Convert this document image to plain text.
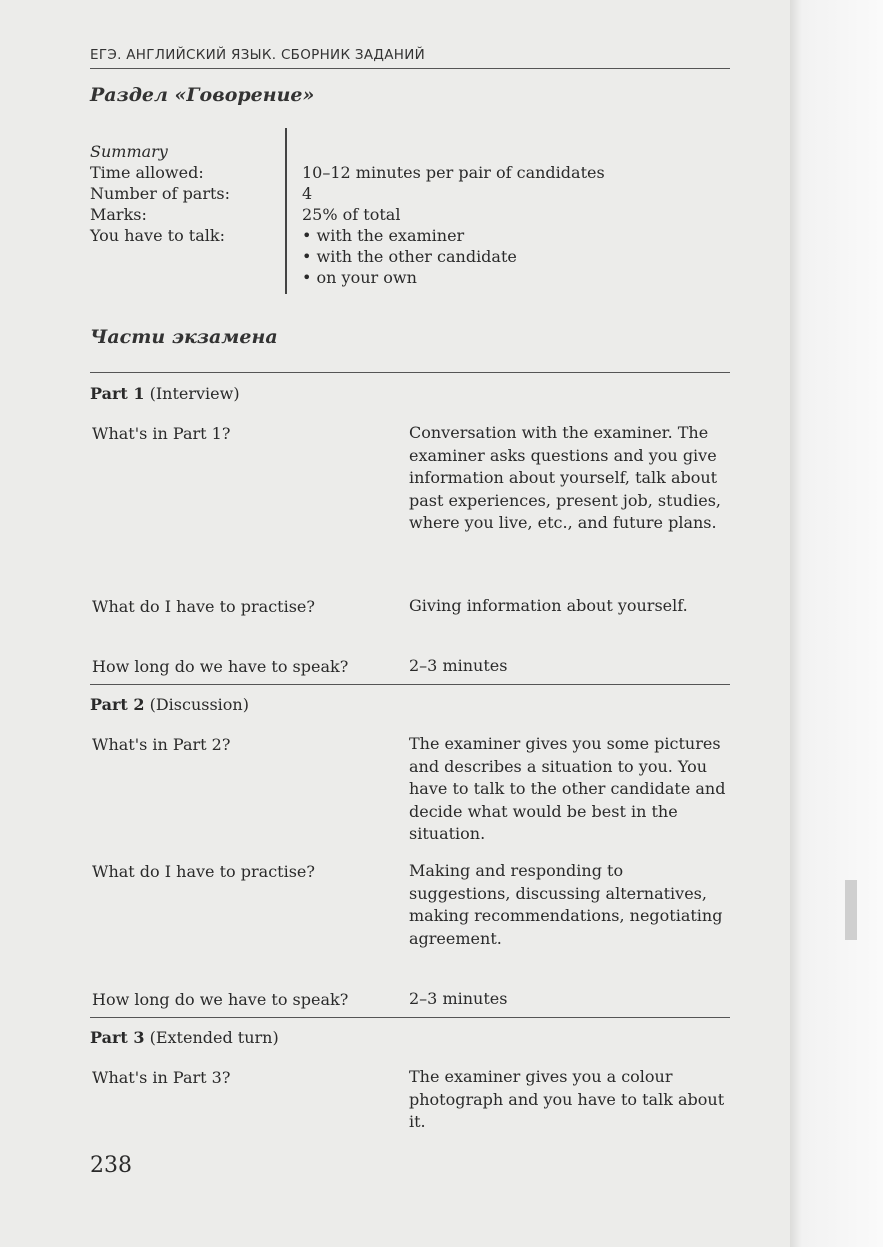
ЕГЭ. АНГЛИЙСКИЙ ЯЗЫК. СБОРНИК ЗАДАНИЙ
Раздел «Говорение»
Summary
Time allowed:	10–12 minutes per pair of candidates
Number of parts:	4
Marks:	25% of total
You have to talk:	• with the examiner
• with the other candidate
• on your own
Части экзамена
Part 1 (Interview)
What's in Part 1?	Conversation with the examiner. The examiner asks questions and you give information about yourself, talk about past experiences, present job, studies, where you live, etc., and future plans.
What do I have to practise?	Giving information about yourself.
How long do we have to speak?	2–3 minutes
Part 2 (Discussion)
What's in Part 2?	The examiner gives you some pictures and describes a situation to you. You have to talk to the other candidate and decide what would be best in the situation.
What do I have to practise?	Making and responding to suggestions, discussing alternatives, making recommendations, negotiating agreement.
How long do we have to speak?	2–3 minutes
Part 3 (Extended turn)
What's in Part 3?	The examiner gives you a colour photograph and you have to talk about it.
238
